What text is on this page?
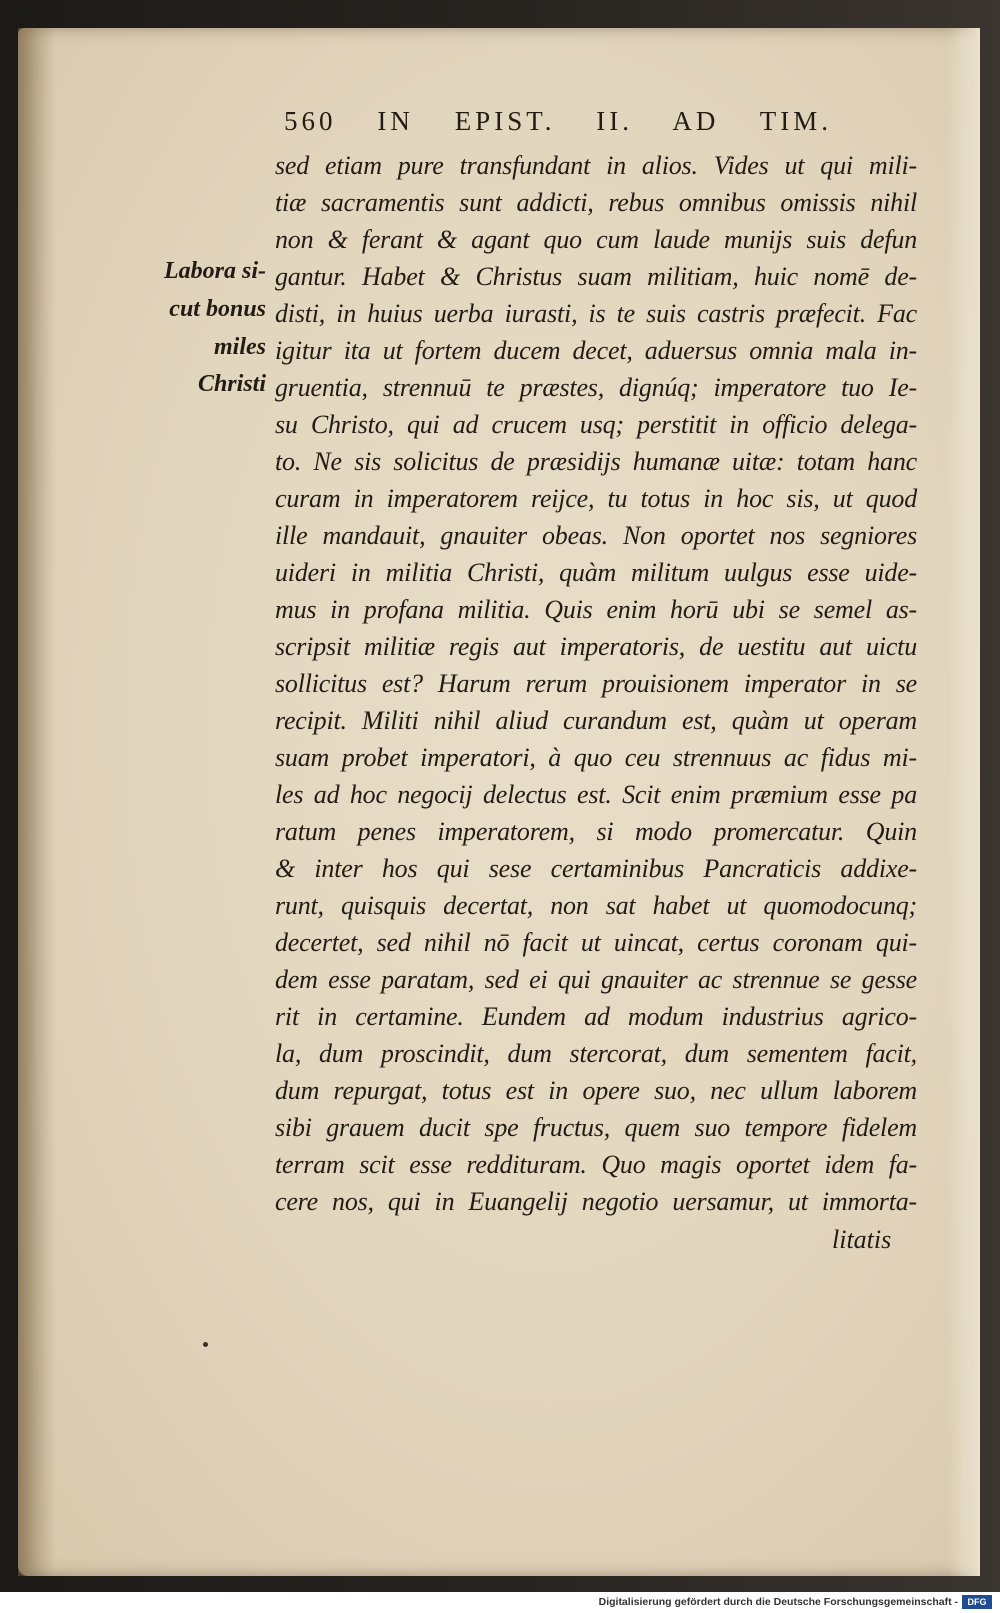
560 IN EPIST. II. AD TIM.
Labora si-
cut bonus
miles
Christi
sed etiam pure transfundant in alios. Vides ut qui mili-
tiæ sacramentis sunt addicti, rebus omnibus omissis nihil
non & ferant & agant quo cum laude munijs suis defun
gantur. Habet & Christus suam militiam, huic nomē de-
disti, in huius uerba iurasti, is te suis castris præfecit. Fac
igitur ita ut fortem ducem decet, aduersus omnia mala in-
gruentia, strennuū te præstes, dignúq; imperatore tuo Ie-
su Christo, qui ad crucem usq; perstitit in officio delega-
to. Ne sis solicitus de præsidijs humanæ uitæ: totam hanc
curam in imperatorem reijce, tu totus in hoc sis, ut quod
ille mandauit, gnauiter obeas. Non oportet nos segniores
uideri in militia Christi, quàm militum uulgus esse uide-
mus in profana militia. Quis enim horū ubi se semel as-
scripsit militiæ regis aut imperatoris, de uestitu aut uictu
sollicitus est? Harum rerum prouisionem imperator in se
recipit. Militi nihil aliud curandum est, quàm ut operam
suam probet imperatori, à quo ceu strennuus ac fidus mi-
les ad hoc negocij delectus est. Scit enim præmium esse pa
ratum penes imperatorem, si modo promercatur. Quin
& inter hos qui sese certaminibus Pancraticis addixe-
runt, quisquis decertat, non sat habet ut quomodocunq;
decertet, sed nihil nō facit ut uincat, certus coronam qui-
dem esse paratam, sed ei qui gnauiter ac strennue se gesse
rit in certamine. Eundem ad modum industrius agrico-
la, dum proscindit, dum stercorat, dum sementem facit,
dum repurgat, totus est in opere suo, nec ullum laborem
sibi grauem ducit spe fructus, quem suo tempore fidelem
terram scit esse reddituram. Quo magis oportet idem fa-
cere nos, qui in Euangelij negotio uersamur, ut immorta-
litatis
Digitalisierung gefördert durch die Deutsche Forschungsgemeinschaft -	DFG
